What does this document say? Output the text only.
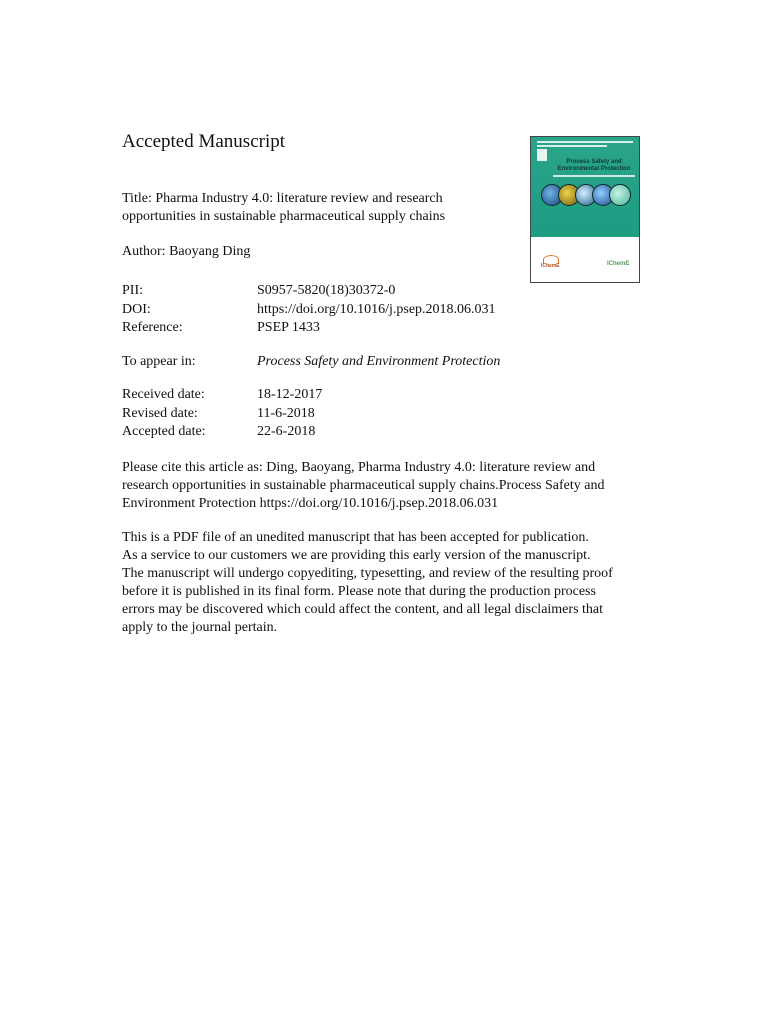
Accepted Manuscript
Process Safety and
Environmental Protection
IChemE	IChemE
Title: Pharma Industry 4.0: literature review and research
opportunities in sustainable pharmaceutical supply chains
Author: Baoyang Ding
PII:	S0957-5820(18)30372-0
DOI:	https://doi.org/10.1016/j.psep.2018.06.031
Reference:	PSEP 1433
To appear in:	Process Safety and Environment Protection
Received date:	18-12-2017
Revised date:	11-6-2018
Accepted date:	22-6-2018
Please cite this article as: Ding, Baoyang, Pharma Industry 4.0: literature review and
research opportunities in sustainable pharmaceutical supply chains.Process Safety and
Environment Protection https://doi.org/10.1016/j.psep.2018.06.031
This is a PDF file of an unedited manuscript that has been accepted for publication.
As a service to our customers we are providing this early version of the manuscript.
The manuscript will undergo copyediting, typesetting, and review of the resulting proof
before it is published in its final form. Please note that during the production process
errors may be discovered which could affect the content, and all legal disclaimers that
apply to the journal pertain.
